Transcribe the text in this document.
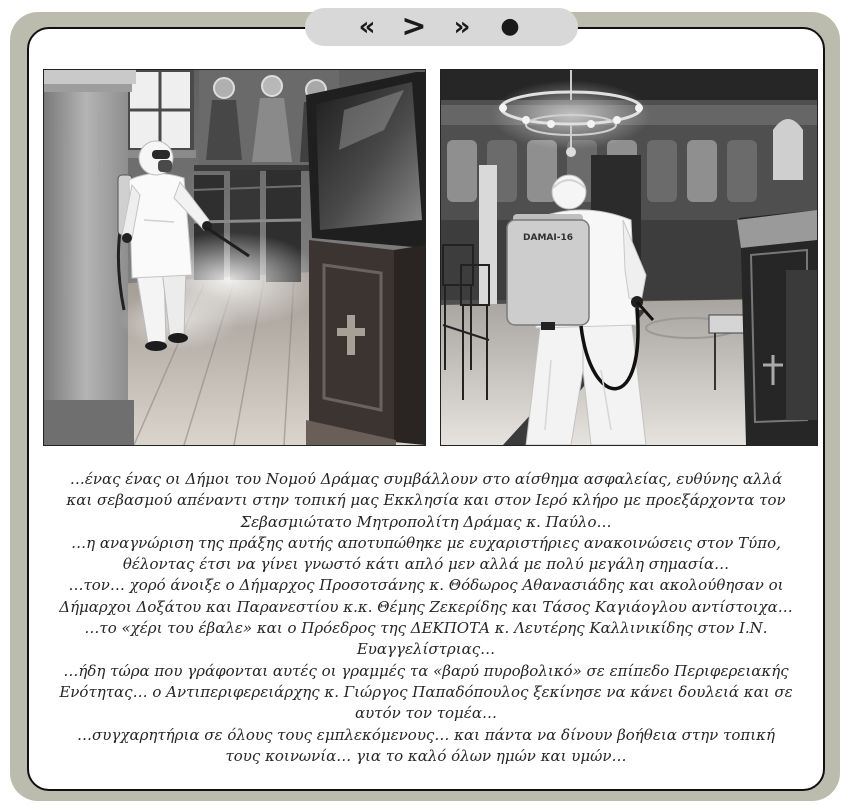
« > »	●
DAMAI-16
…ένας ένας οι Δήμοι του Νομού Δράμας συμβάλλουν στο αίσθημα ασφαλείας, ευθύνης αλλά
και σεβασμού απέναντι στην τοπική μας Εκκλησία και στον Ιερό κλήρο με προεξάρχοντα τον
Σεβασμιώτατο Μητροπολίτη Δράμας κ. Παύλο…
…η αναγνώριση της πράξης αυτής αποτυπώθηκε με ευχαριστήριες ανακοινώσεις στον Τύπο,
θέλοντας έτσι να γίνει γνωστό κάτι απλό μεν αλλά με πολύ μεγάλη σημασία…
…τον… χορό άνοιξε ο Δήμαρχος Προσοτσάνης κ. Θόδωρος Αθανασιάδης και ακολούθησαν οι
Δήμαρχοι Δοξάτου και Παρανεστίου κ.κ. Θέμης Ζεκερίδης και Τάσος Καγιάογλου αντίστοιχα…
…το «χέρι του έβαλε» και ο Πρόεδρος της ΔΕΚΠΟΤΑ κ. Λευτέρης Καλλινικίδης στον Ι.Ν.
Ευαγγελίστριας…
…ήδη τώρα που γράφονται αυτές οι γραμμές τα «βαρύ πυροβολικό» σε επίπεδο Περιφερειακής
Ενότητας… ο Αντιπεριφερειάρχης κ. Γιώργος Παπαδόπουλος ξεκίνησε να κάνει δουλειά και σε
αυτόν τον τομέα…
…συγχαρητήρια σε όλους τους εμπλεκόμενους… και πάντα να δίνουν βοήθεια στην τοπική
τους κοινωνία… για το καλό όλων ημών και υμών…
